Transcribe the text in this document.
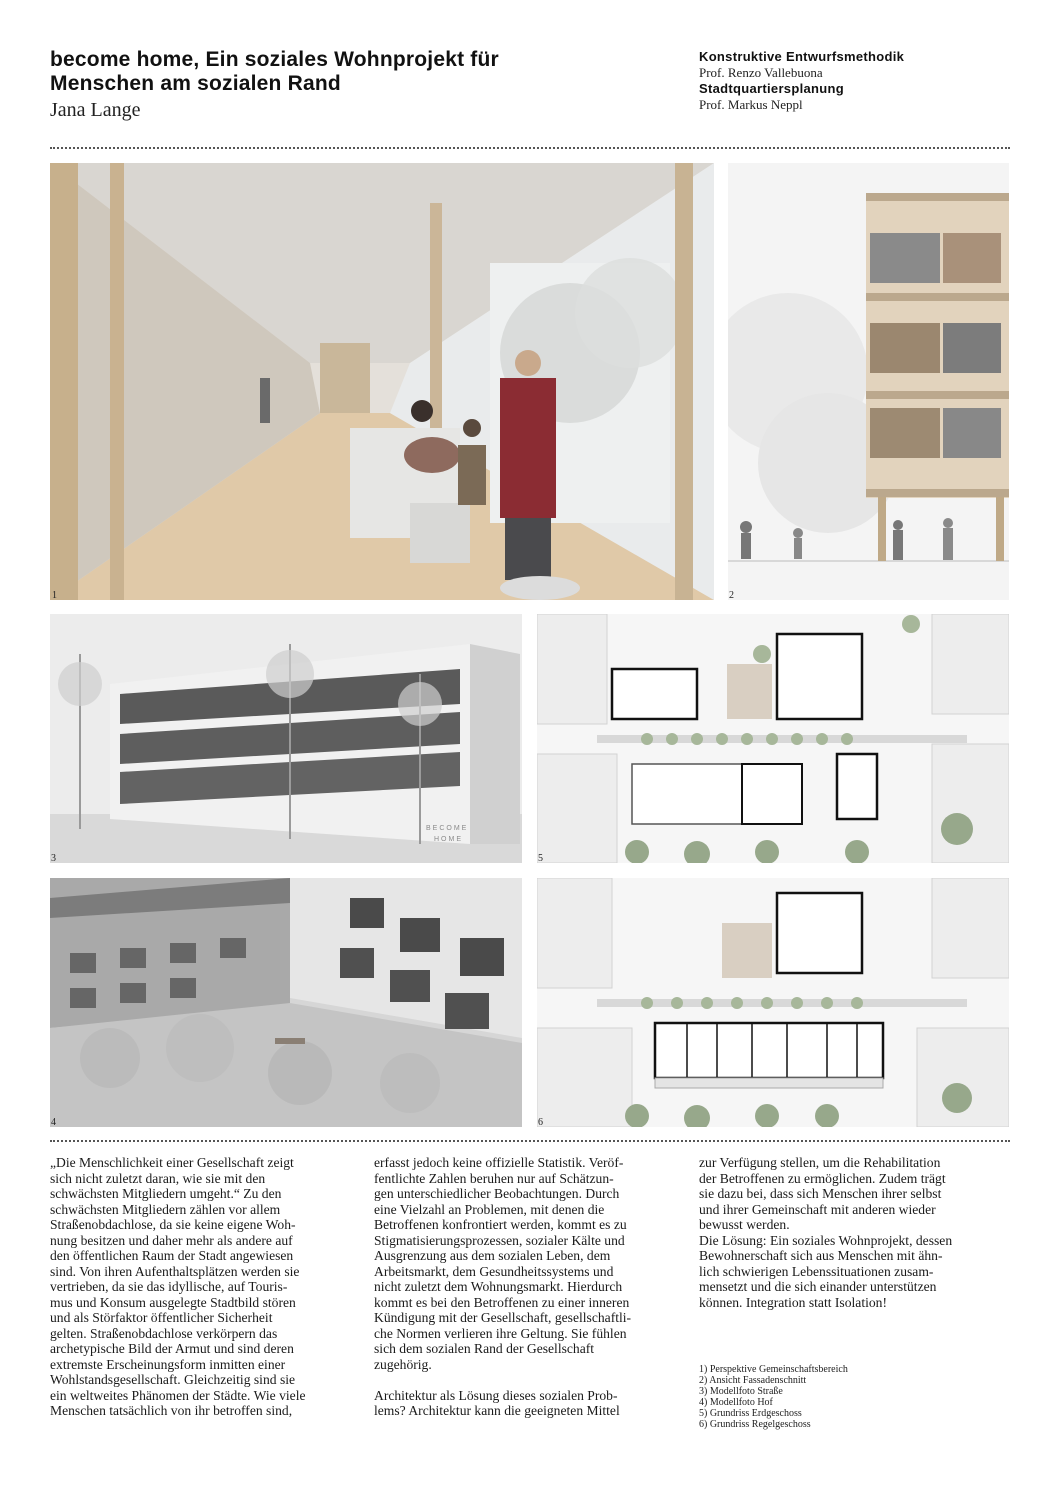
become home, Ein soziales Wohnprojekt für
Menschen am sozialen Rand
Jana Lange
Konstruktive Entwurfsmethodik
Prof. Renzo Vallebuona
Stadtquartiersplanung
Prof. Markus Neppl
1	2
BECOME
HOME
3	5
4	6
„Die Menschlichkeit einer Gesellschaft zeigt
sich nicht zuletzt daran, wie sie mit den
schwächsten Mitgliedern umgeht.“ Zu den
schwächsten Mitgliedern zählen vor allem
Straßenobdachlose, da sie keine eigene Woh-
nung besitzen und daher mehr als andere auf
den öffentlichen Raum der Stadt angewiesen
sind. Von ihren Aufenthaltsplätzen werden sie
vertrieben, da sie das idyllische, auf Touris-
mus und Konsum ausgelegte Stadtbild stören
und als Störfaktor öffentlicher Sicherheit
gelten. Straßenobdachlose verkörpern das
archetypische Bild der Armut und sind deren
extremste Erscheinungsform inmitten einer
Wohlstandsgesellschaft. Gleichzeitig sind sie
ein weltweites Phänomen der Städte. Wie viele
Menschen tatsächlich von ihr betroffen sind,
erfasst jedoch keine offizielle Statistik. Veröf-
fentlichte Zahlen beruhen nur auf Schätzun-
gen unterschiedlicher Beobachtungen. Durch
eine Vielzahl an Problemen, mit denen die
Betroffenen konfrontiert werden, kommt es zu
Stigmatisierungsprozessen, sozialer Kälte und
Ausgrenzung aus dem sozialen Leben, dem
Arbeitsmarkt, dem Gesundheitssystems und
nicht zuletzt dem Wohnungsmarkt. Hierdurch
kommt es bei den Betroffenen zu einer inneren
Kündigung mit der Gesellschaft, gesellschaftli-
che Normen verlieren ihre Geltung. Sie fühlen
sich dem sozialen Rand der Gesellschaft
zugehörig.

Architektur als Lösung dieses sozialen Prob-
lems? Architektur kann die geeigneten Mittel
zur Verfügung stellen, um die Rehabilitation
der Betroffenen zu ermöglichen. Zudem trägt
sie dazu bei, dass sich Menschen ihrer selbst
und ihrer Gemeinschaft mit anderen wieder
bewusst werden.
Die Lösung: Ein soziales Wohnprojekt, dessen
Bewohnerschaft sich aus Menschen mit ähn-
lich schwierigen Lebenssituationen zusam-
mensetzt und die sich einander unterstützen
können. Integration statt Isolation!
1) Perspektive Gemeinschaftsbereich
2) Ansicht Fassadenschnitt
3) Modellfoto Straße
4) Modellfoto Hof
5) Grundriss Erdgeschoss
6) Grundriss Regelgeschoss
